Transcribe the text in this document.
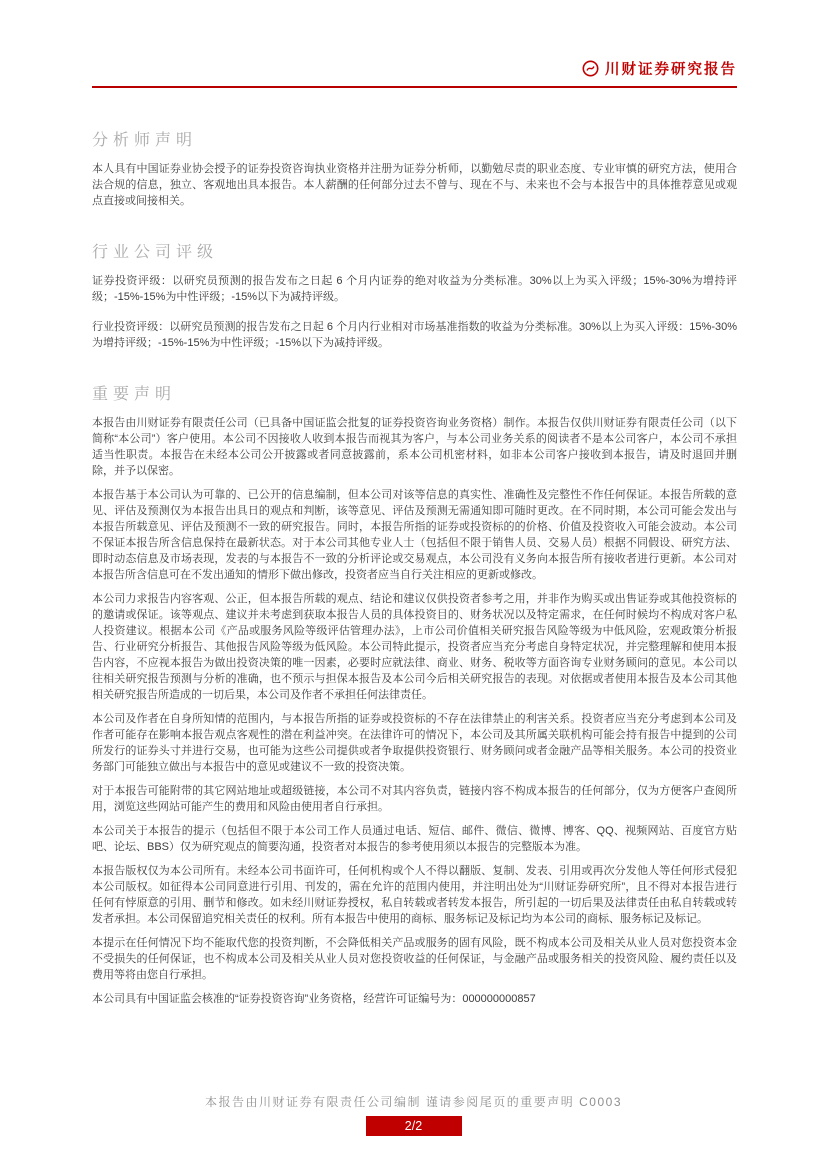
川财证券研究报告
分析师声明

本人具有中国证券业协会授予的证券投资咨询执业资格并注册为证券分析师，以勤勉尽责的职业态度、专业审慎的研究方法，使用合法合规的信息，独立、客观地出具本报告。本人薪酬的任何部分过去不曾与、现在不与、未来也不会与本报告中的具体推荐意见或观点直接或间接相关。

行业公司评级

证券投资评级：以研究员预测的报告发布之日起 6 个月内证券的绝对收益为分类标准。30%以上为买入评级；15%-30%为增持评级；-15%-15%为中性评级；-15%以下为减持评级。

行业投资评级：以研究员预测的报告发布之日起 6 个月内行业相对市场基准指数的收益为分类标准。30%以上为买入评级：15%-30%为增持评级；-15%-15%为中性评级；-15%以下为减持评级。

重要声明

本报告由川财证券有限责任公司（已具备中国证监会批复的证券投资咨询业务资格）制作。本报告仅供川财证券有限责任公司（以下简称“本公司”）客户使用。本公司不因接收人收到本报告而视其为客户，与本公司业务关系的阅读者不是本公司客户，本公司不承担适当性职责。本报告在未经本公司公开披露或者同意披露前，系本公司机密材料，如非本公司客户接收到本报告，请及时退回并删除，并予以保密。

本报告基于本公司认为可靠的、已公开的信息编制，但本公司对该等信息的真实性、准确性及完整性不作任何保证。本报告所载的意见、评估及预测仅为本报告出具日的观点和判断，该等意见、评估及预测无需通知即可随时更改。在不同时期，本公司可能会发出与本报告所载意见、评估及预测不一致的研究报告。同时，本报告所指的证券或投资标的的价格、价值及投资收入可能会波动。本公司不保证本报告所含信息保持在最新状态。对于本公司其他专业人士（包括但不限于销售人员、交易人员）根据不同假设、研究方法、即时动态信息及市场表现，发表的与本报告不一致的分析评论或交易观点，本公司没有义务向本报告所有接收者进行更新。本公司对本报告所含信息可在不发出通知的情形下做出修改，投资者应当自行关注相应的更新或修改。

本公司力求报告内容客观、公正，但本报告所载的观点、结论和建议仅供投资者参考之用，并非作为购买或出售证券或其他投资标的的邀请或保证。该等观点、建议并未考虑到获取本报告人员的具体投资目的、财务状况以及特定需求，在任何时候均不构成对客户私人投资建议。根据本公司《产品或服务风险等级评估管理办法》，上市公司价值相关研究报告风险等级为中低风险，宏观政策分析报告、行业研究分析报告、其他报告风险等级为低风险。本公司特此提示，投资者应当充分考虑自身特定状况，并完整理解和使用本报告内容，不应视本报告为做出投资决策的唯一因素，必要时应就法律、商业、财务、税收等方面咨询专业财务顾问的意见。本公司以往相关研究报告预测与分析的准确，也不预示与担保本报告及本公司今后相关研究报告的表现。对依据或者使用本报告及本公司其他相关研究报告所造成的一切后果，本公司及作者不承担任何法律责任。

本公司及作者在自身所知情的范围内，与本报告所指的证券或投资标的不存在法律禁止的利害关系。投资者应当充分考虑到本公司及作者可能存在影响本报告观点客观性的潜在利益冲突。在法律许可的情况下，本公司及其所属关联机构可能会持有报告中提到的公司所发行的证券头寸并进行交易，也可能为这些公司提供或者争取提供投资银行、财务顾问或者金融产品等相关服务。本公司的投资业务部门可能独立做出与本报告中的意见或建议不一致的投资决策。

对于本报告可能附带的其它网站地址或超级链接，本公司不对其内容负责，链接内容不构成本报告的任何部分，仅为方便客户查阅所用，浏览这些网站可能产生的费用和风险由使用者自行承担。

本公司关于本报告的提示（包括但不限于本公司工作人员通过电话、短信、邮件、微信、微博、博客、QQ、视频网站、百度官方贴吧、论坛、BBS）仅为研究观点的简要沟通，投资者对本报告的参考使用须以本报告的完整版本为准。

本报告版权仅为本公司所有。未经本公司书面许可，任何机构或个人不得以翻版、复制、发表、引用或再次分发他人等任何形式侵犯本公司版权。如征得本公司同意进行引用、刊发的，需在允许的范围内使用，并注明出处为“川财证券研究所”，且不得对本报告进行任何有悖原意的引用、删节和修改。如未经川财证券授权，私自转载或者转发本报告，所引起的一切后果及法律责任由私自转载或转发者承担。本公司保留追究相关责任的权利。所有本报告中使用的商标、服务标记及标记均为本公司的商标、服务标记及标记。

本提示在任何情况下均不能取代您的投资判断，不会降低相关产品或服务的固有风险，既不构成本公司及相关从业人员对您投资本金不受损失的任何保证，也不构成本公司及相关从业人员对您投资收益的任何保证，与金融产品或服务相关的投资风险、履约责任以及费用等将由您自行承担。

本公司具有中国证监会核准的“证券投资咨询”业务资格，经营许可证编号为：000000000857

本报告由川财证券有限责任公司编制 谨请参阅尾页的重要声明 C0003
2/2
